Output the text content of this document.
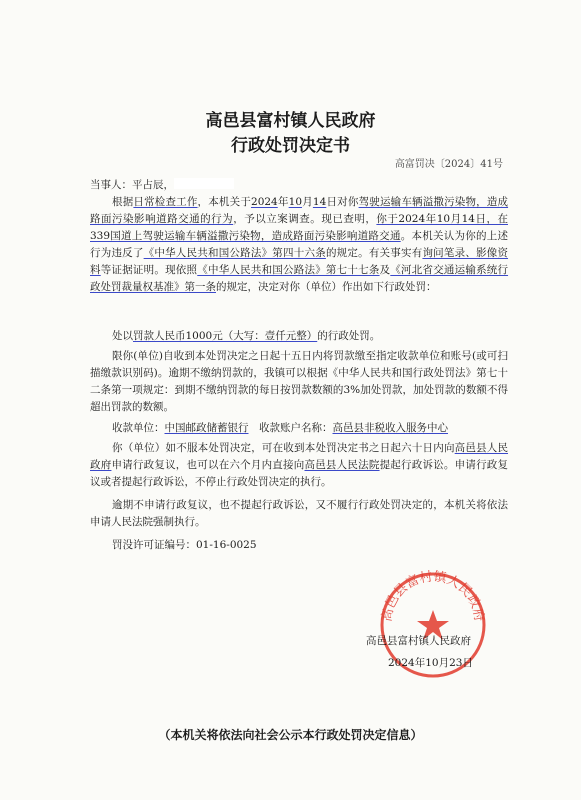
高邑县富村镇人民政府
行政处罚决定书
高富罚决〔2024〕41号

当事人：平占辰，

根据日常检查工作，本机关于2024年10月14日对你驾驶运输车辆溢撒污染物，造成路面污染影响道路交通的行为，予以立案调查。现已查明，你于2024年10月14日，在339国道上驾驶运输车辆溢撒污染物，造成路面污染影响道路交通。本机关认为你的上述行为违反了《中华人民共和国公路法》第四十六条的规定。有关事实有询问笔录、影像资料等证据证明。现依照《中华人民共和国公路法》第七十七条及《河北省交通运输系统行政处罚裁量权基准》第一条的规定，决定对你（单位）作出如下行政处罚：

处以罚款人民币1000元（大写：壹仟元整）的行政处罚。

限你(单位)自收到本处罚决定之日起十五日内将罚款缴至指定收款单位和账号(或可扫描缴款识别码)。逾期不缴纳罚款的，我镇可以根据《中华人民共和国行政处罚法》第七十二条第一项规定：到期不缴纳罚款的每日按罚款数额的3%加处罚款，加处罚款的数额不得超出罚款的数额。

收款单位：中国邮政储蓄银行　 收款账户名称：高邑县非税收入服务中心

你（单位）如不服本处罚决定，可在收到本处罚决定书之日起六十日内向高邑县人民政府申请行政复议，也可以在六个月内直接向高邑县人民法院提起行政诉讼。申请行政复议或者提起行政诉讼，不停止行政处罚决定的执行。

逾期不申请行政复议，也不提起行政诉讼，又不履行行政处罚决定的，本机关将依法申请人民法院强制执行。

罚没许可证编号：01-16-0025

高邑县富村镇人民政府
高邑县富村镇人民政府
2024年10月23日
（本机关将依法向社会公示本行政处罚决定信息）
